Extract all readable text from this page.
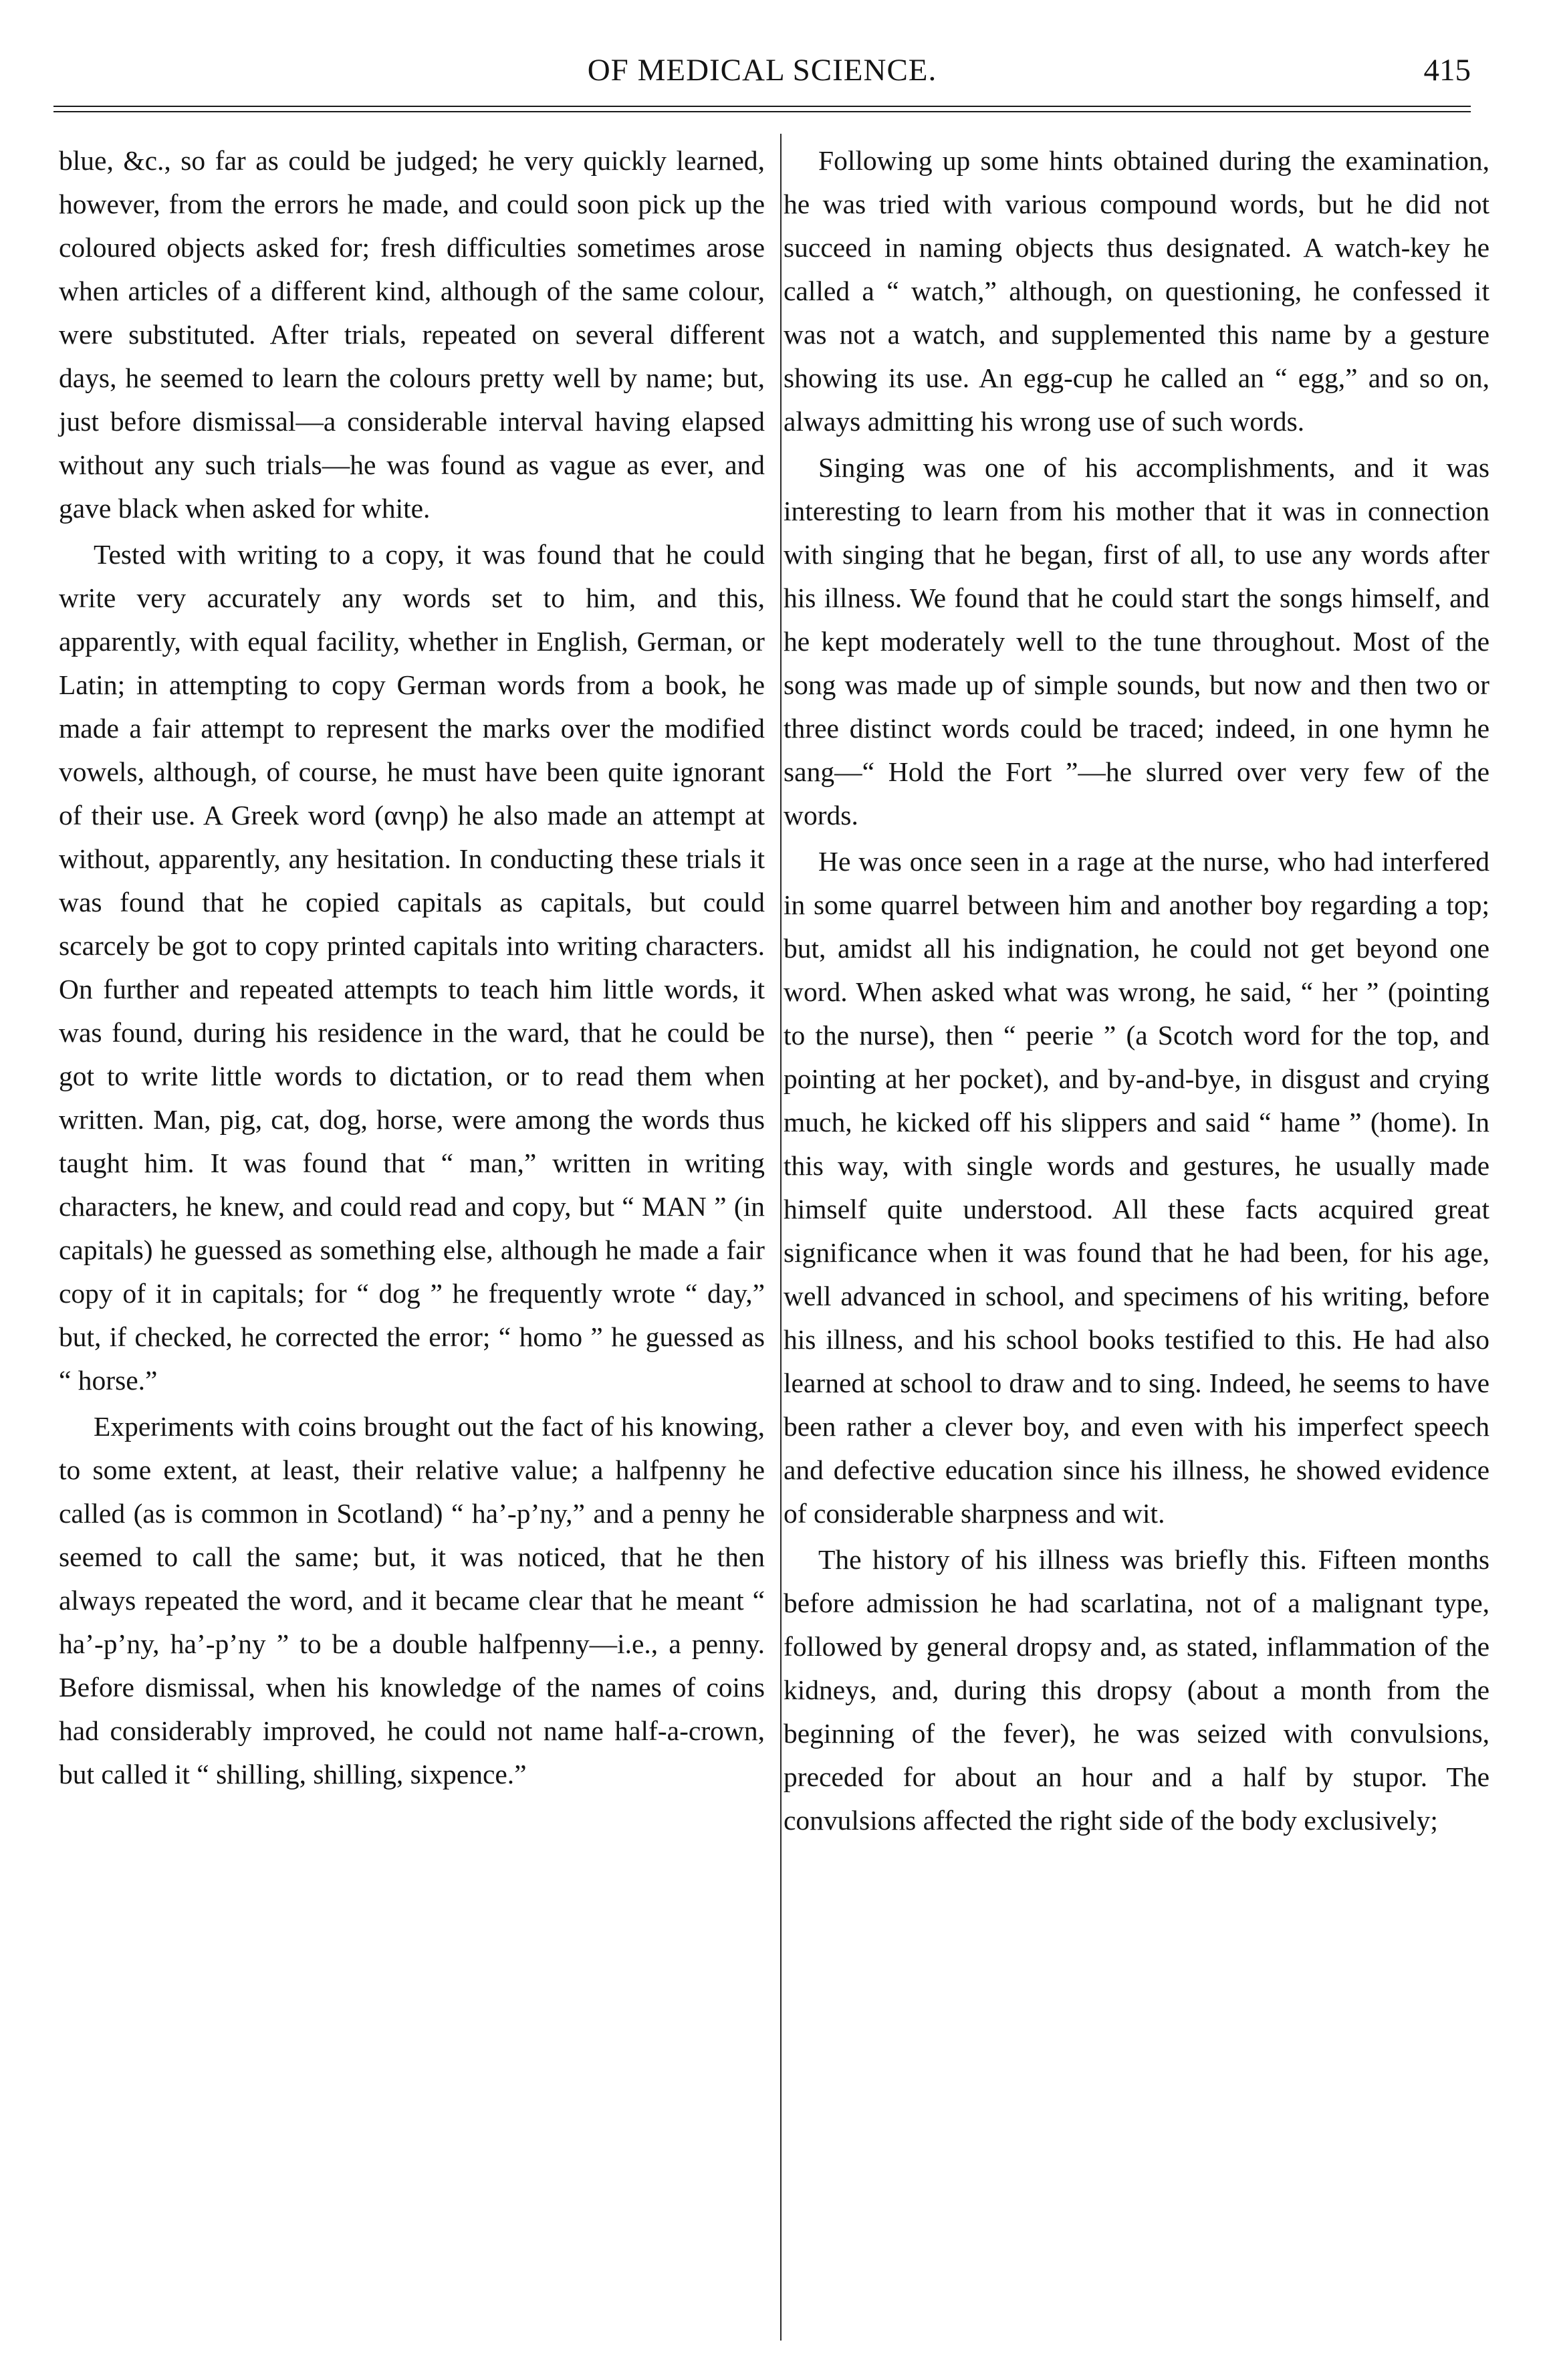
OF MEDICAL SCIENCE.	415

blue, &c., so far as could be judged; he very quickly learned, however, from the errors he made, and could soon pick up the coloured objects asked for; fresh difficulties sometimes arose when articles of a different kind, although of the same colour, were substituted. After trials, repeated on several different days, he seemed to learn the colours pretty well by name; but, just before dismissal—a considerable interval having elapsed without any such trials—he was found as vague as ever, and gave black when asked for white.

Tested with writing to a copy, it was found that he could write very accurately any words set to him, and this, apparently, with equal facility, whether in English, German, or Latin; in attempting to copy German words from a book, he made a fair attempt to represent the marks over the modified vowels, although, of course, he must have been quite ignorant of their use. A Greek word (ανηρ) he also made an attempt at without, apparently, any hesitation. In conducting these trials it was found that he copied capitals as capitals, but could scarcely be got to copy printed capitals into writing characters. On further and repeated attempts to teach him little words, it was found, during his residence in the ward, that he could be got to write little words to dictation, or to read them when written. Man, pig, cat, dog, horse, were among the words thus taught him. It was found that “ man,” written in writing characters, he knew, and could read and copy, but “ MAN ” (in capitals) he guessed as something else, although he made a fair copy of it in capitals; for “ dog ” he frequently wrote “ day,” but, if checked, he corrected the error; “ homo ” he guessed as “ horse.”

Experiments with coins brought out the fact of his knowing, to some extent, at least, their relative value; a halfpenny he called (as is common in Scotland) “ ha’-p’ny,” and a penny he seemed to call the same; but, it was noticed, that he then always repeated the word, and it became clear that he meant “ ha’-p’ny, ha’-p’ny ” to be a double halfpenny—i.e., a penny. Before dismissal, when his knowledge of the names of coins had considerably improved, he could not name half-a-crown, but called it “ shilling, shilling, sixpence.”

Following up some hints obtained during the examination, he was tried with various compound words, but he did not succeed in naming objects thus designated. A watch-key he called a “ watch,” although, on questioning, he confessed it was not a watch, and supplemented this name by a gesture showing its use. An egg-cup he called an “ egg,” and so on, always admitting his wrong use of such words.

Singing was one of his accomplishments, and it was interesting to learn from his mother that it was in connection with singing that he began, first of all, to use any words after his illness. We found that he could start the songs himself, and he kept moderately well to the tune throughout. Most of the song was made up of simple sounds, but now and then two or three distinct words could be traced; indeed, in one hymn he sang—“ Hold the Fort ”—he slurred over very few of the words.

He was once seen in a rage at the nurse, who had interfered in some quarrel between him and another boy regarding a top; but, amidst all his indignation, he could not get beyond one word. When asked what was wrong, he said, “ her ” (pointing to the nurse), then “ peerie ” (a Scotch word for the top, and pointing at her pocket), and by-and-bye, in disgust and crying much, he kicked off his slippers and said “ hame ” (home). In this way, with single words and gestures, he usually made himself quite understood. All these facts acquired great significance when it was found that he had been, for his age, well advanced in school, and specimens of his writing, before his illness, and his school books testified to this. He had also learned at school to draw and to sing. Indeed, he seems to have been rather a clever boy, and even with his imperfect speech and defective education since his illness, he showed evidence of considerable sharpness and wit.

The history of his illness was briefly this. Fifteen months before admission he had scarlatina, not of a malignant type, followed by general dropsy and, as stated, inflammation of the kidneys, and, during this dropsy (about a month from the beginning of the fever), he was seized with convulsions, preceded for about an hour and a half by stupor. The convulsions affected the right side of the body exclusively;
